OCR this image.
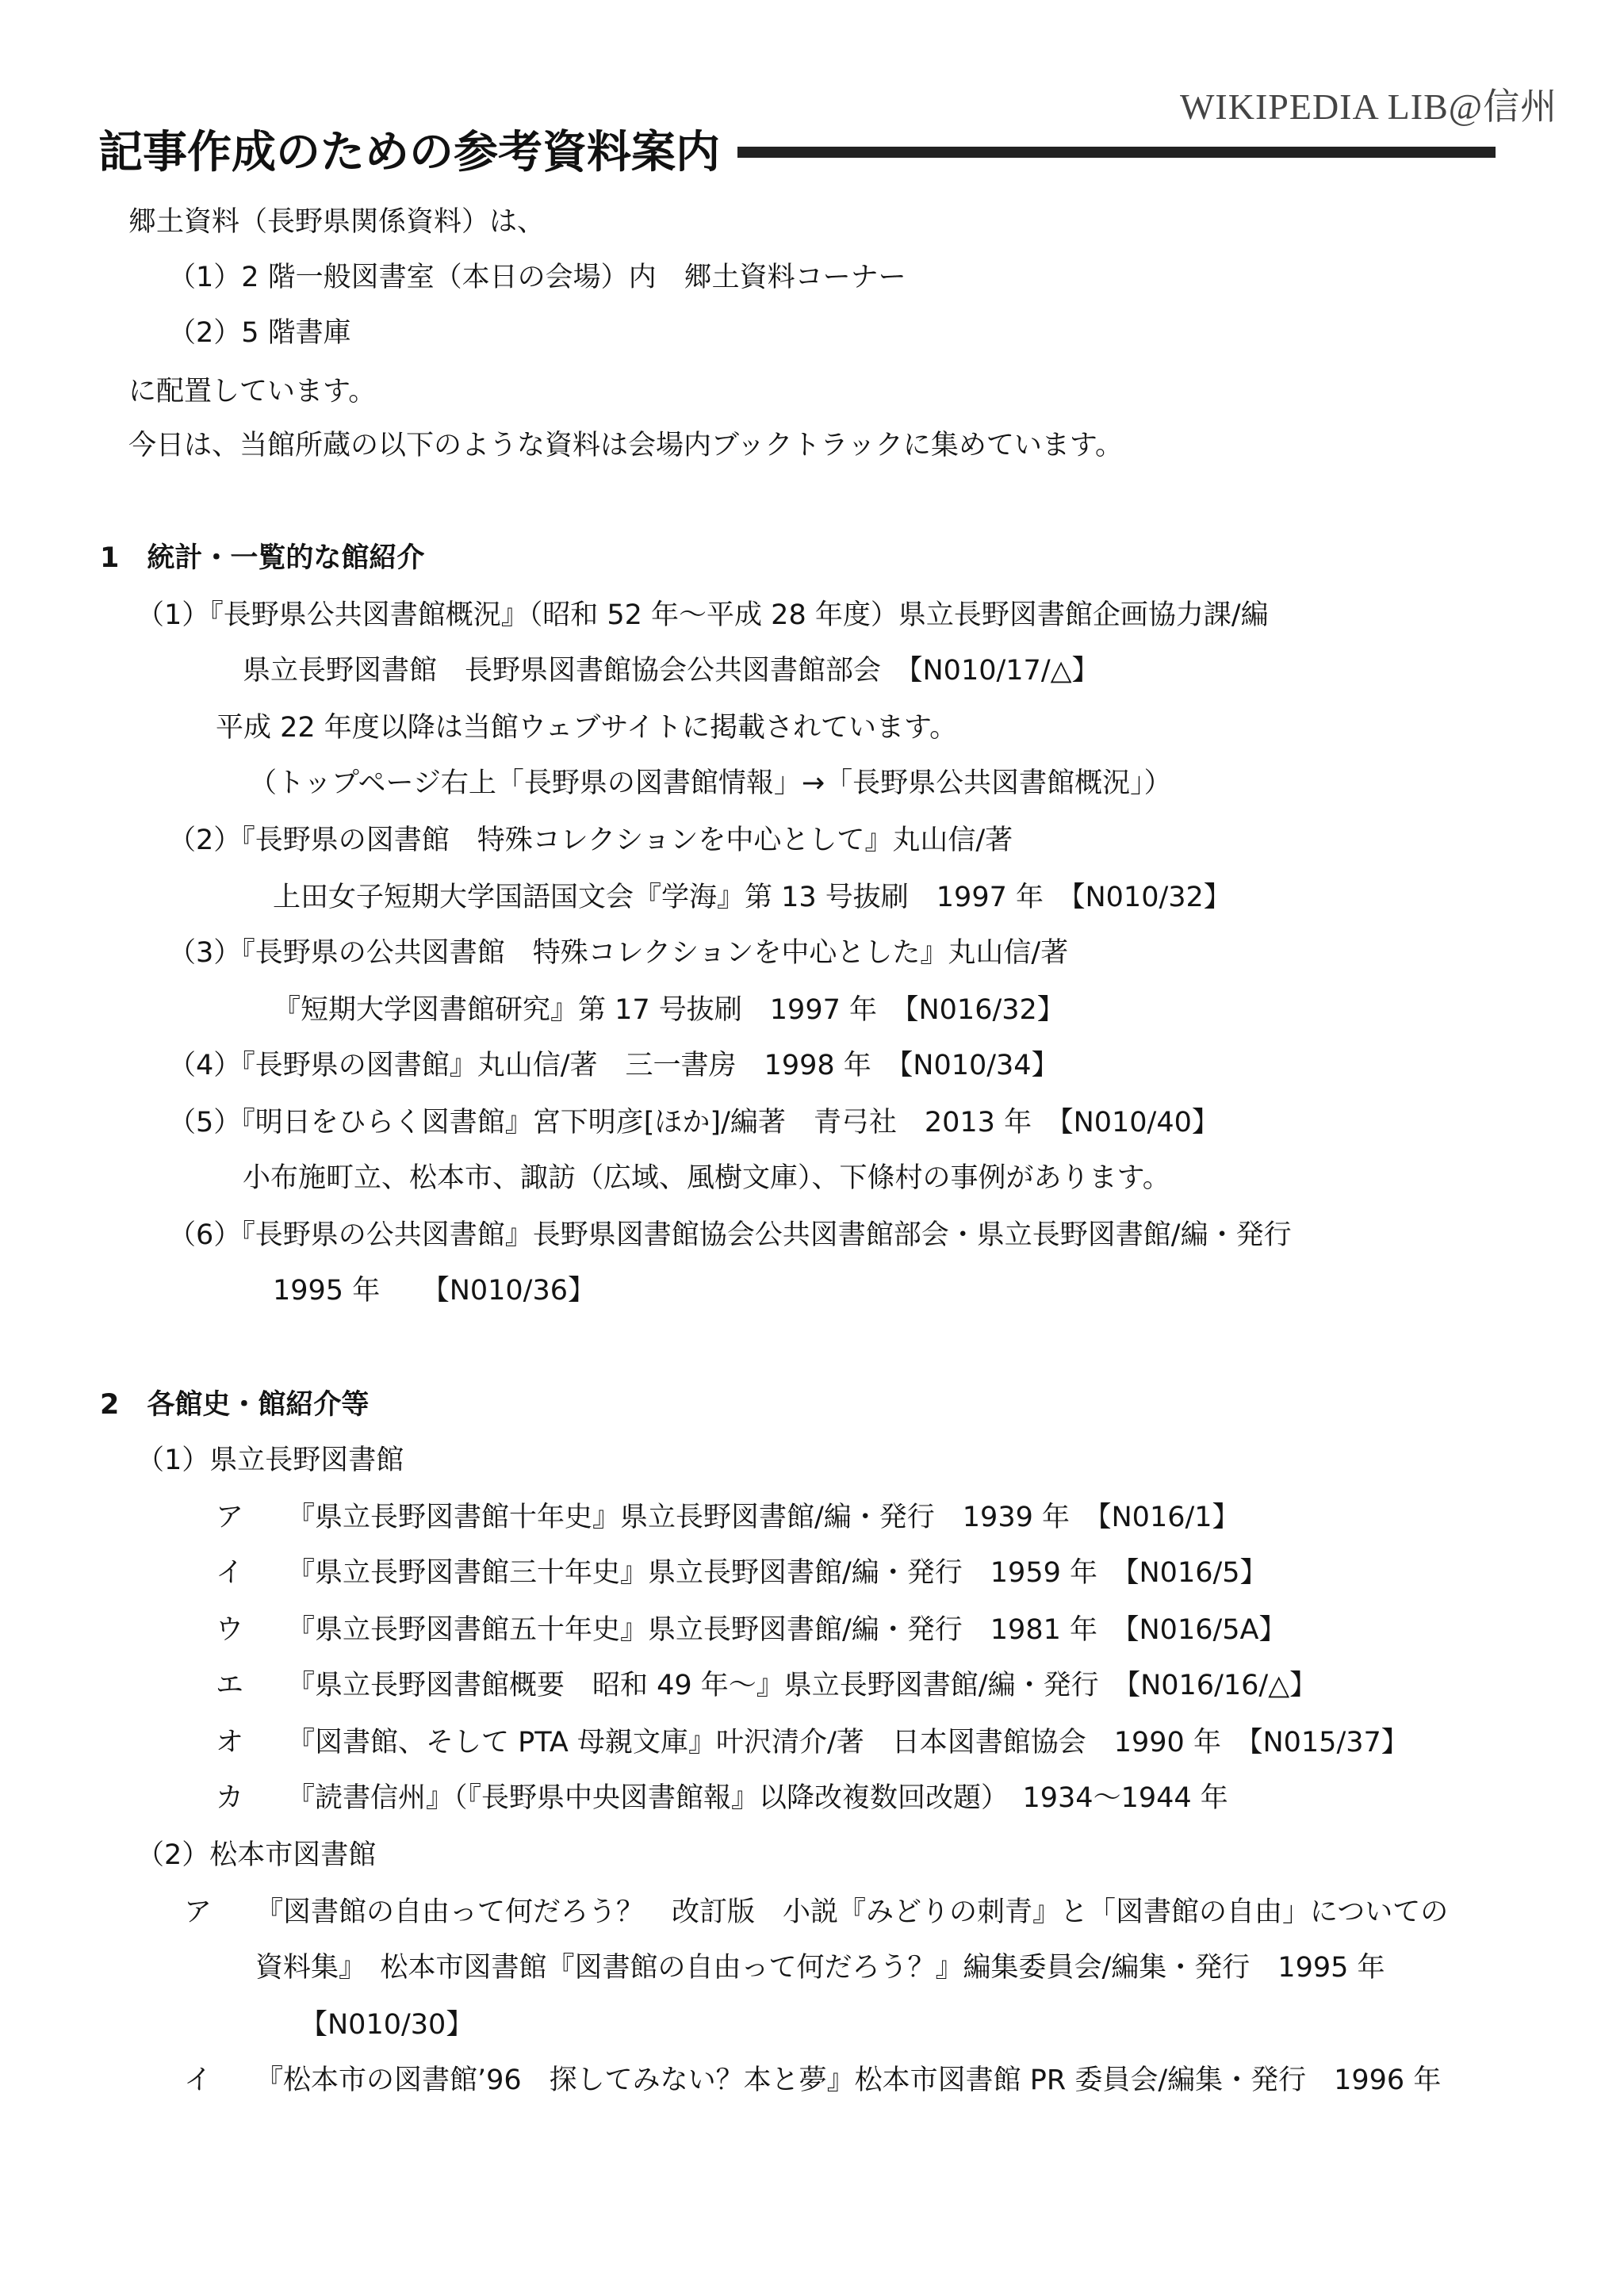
WIKIPEDIA LIB@信州
記事作成のための参考資料案内
郷土資料（長野県関係資料）は、
（1）2 階一般図書室（本日の会場）内　郷土資料コーナー
（2）5 階書庫
に配置しています。
今日は、当館所蔵の以下のような資料は会場内ブックトラックに集めています。
1　統計・一覧的な館紹介
（1）『長野県公共図書館概況』（昭和 52 年～平成 28 年度）県立長野図書館企画協力課/編
県立長野図書館　長野県図書館協会公共図書館部会　【N010/17/△】
平成 22 年度以降は当館ウェブサイトに掲載されています。
（トップページ右上「長野県の図書館情報」→「長野県公共図書館概況」）
（2）『長野県の図書館　特殊コレクションを中心として』丸山信/著
上田女子短期大学国語国文会『学海』第 13 号抜刷　1997 年　【N010/32】
（3）『長野県の公共図書館　特殊コレクションを中心とした』丸山信/著
『短期大学図書館研究』第 17 号抜刷　1997 年　【N016/32】
（4）『長野県の図書館』丸山信/著　三一書房　1998 年　【N010/34】
（5）『明日をひらく図書館』宮下明彦[ほか]/編著　青弓社　2013 年　【N010/40】
小布施町立、松本市、諏訪（広域、風樹文庫）、下條村の事例があります。
（6）『長野県の公共図書館』長野県図書館協会公共図書館部会・県立長野図書館/編・発行
1995 年　　【N010/36】
2　各館史・館紹介等
（1）県立長野図書館
ア 『県立長野図書館十年史』県立長野図書館/編・発行　1939 年　【N016/1】
イ 『県立長野図書館三十年史』県立長野図書館/編・発行　1959 年　【N016/5】
ウ 『県立長野図書館五十年史』県立長野図書館/編・発行　1981 年　【N016/5A】
エ 『県立長野図書館概要　昭和 49 年～』県立長野図書館/編・発行　【N016/16/△】
オ 『図書館、そして PTA 母親文庫』叶沢清介/著　日本図書館協会　1990 年　【N015/37】
カ 『読書信州』（『長野県中央図書館報』以降改複数回改題）　1934～1944 年
（2）松本市図書館
ア 『図書館の自由って何だろう？　改訂版　小説『みどりの刺青』と「図書館の自由」についての
資料集』　松本市図書館『図書館の自由って何だろう？』編集委員会/編集・発行　1995 年
【N010/30】
イ 『松本市の図書館’96　探してみない？本と夢』松本市図書館 PR 委員会/編集・発行　1996 年
